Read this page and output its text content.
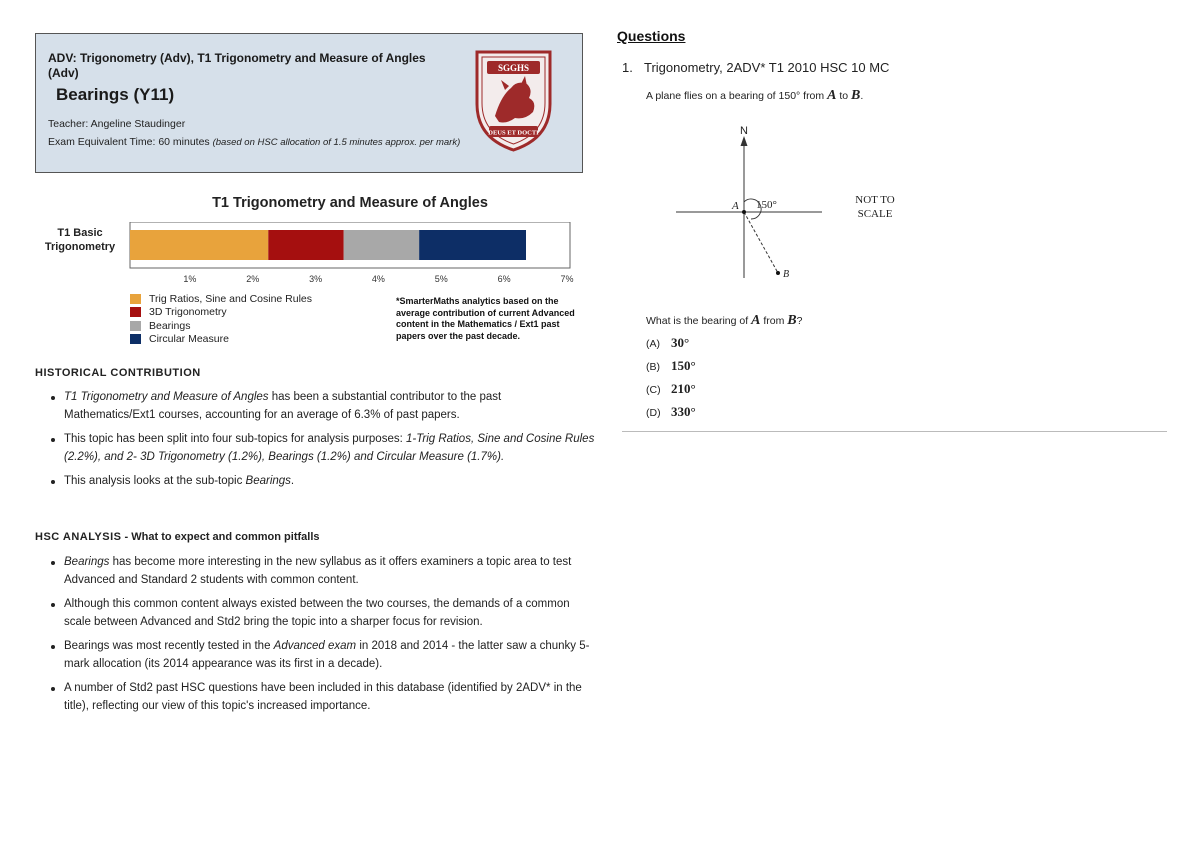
ADV: Trigonometry (Adv), T1 Trigonometry and Measure of Angles (Adv)
Bearings (Y11)
Teacher: Angeline Staudinger
Exam Equivalent Time: 60 minutes (based on HSC allocation of 1.5 minutes approx. per mark)
SGGHS
DEUS ET DOCTI
T1 Trigonometry and Measure of Angles
T1 Basic Trigonometry
1%	2%	3%	4%	5%	6%	7%
Trig Ratios, Sine and Cosine Rules
3D Trigonometry
Bearings
Circular Measure
*SmarterMaths analytics based on the average contribution of current Advanced content in the Mathematics / Ext1 past papers over the past decade.
HISTORICAL CONTRIBUTION
T1 Trigonometry and Measure of Angles has been a substantial contributor to the past Mathematics/Ext1 courses, accounting for an average of 6.3% of past papers.
This topic has been split into four sub-topics for analysis purposes: 1-Trig Ratios, Sine and Cosine Rules (2.2%), and 2- 3D Trigonometry (1.2%), Bearings (1.2%) and Circular Measure (1.7%).
This analysis looks at the sub-topic Bearings.
HSC ANALYSIS - What to expect and common pitfalls
Bearings has become more interesting in the new syllabus as it offers examiners a topic area to test Advanced and Standard 2 students with common content.
Although this common content always existed between the two courses, the demands of a common scale between Advanced and Std2 bring the topic into a sharper focus for revision.
Bearings was most recently tested in the Advanced exam in 2018 and 2014 - the latter saw a chunky 5-mark allocation (its 2014 appearance was its first in a decade).
A number of Std2 past HSC questions have been included in this database (identified by 2ADV* in the title), reflecting our view of this topic's increased importance.
Questions
1. Trigonometry, 2ADV* T1 2010 HSC 10 MC
A plane flies on a bearing of 150° from A to B.
N
A
B
150°	NOT TO SCALE
What is the bearing of A from B?
(A) 30°
(B) 150°
(C) 210°
(D) 330°
